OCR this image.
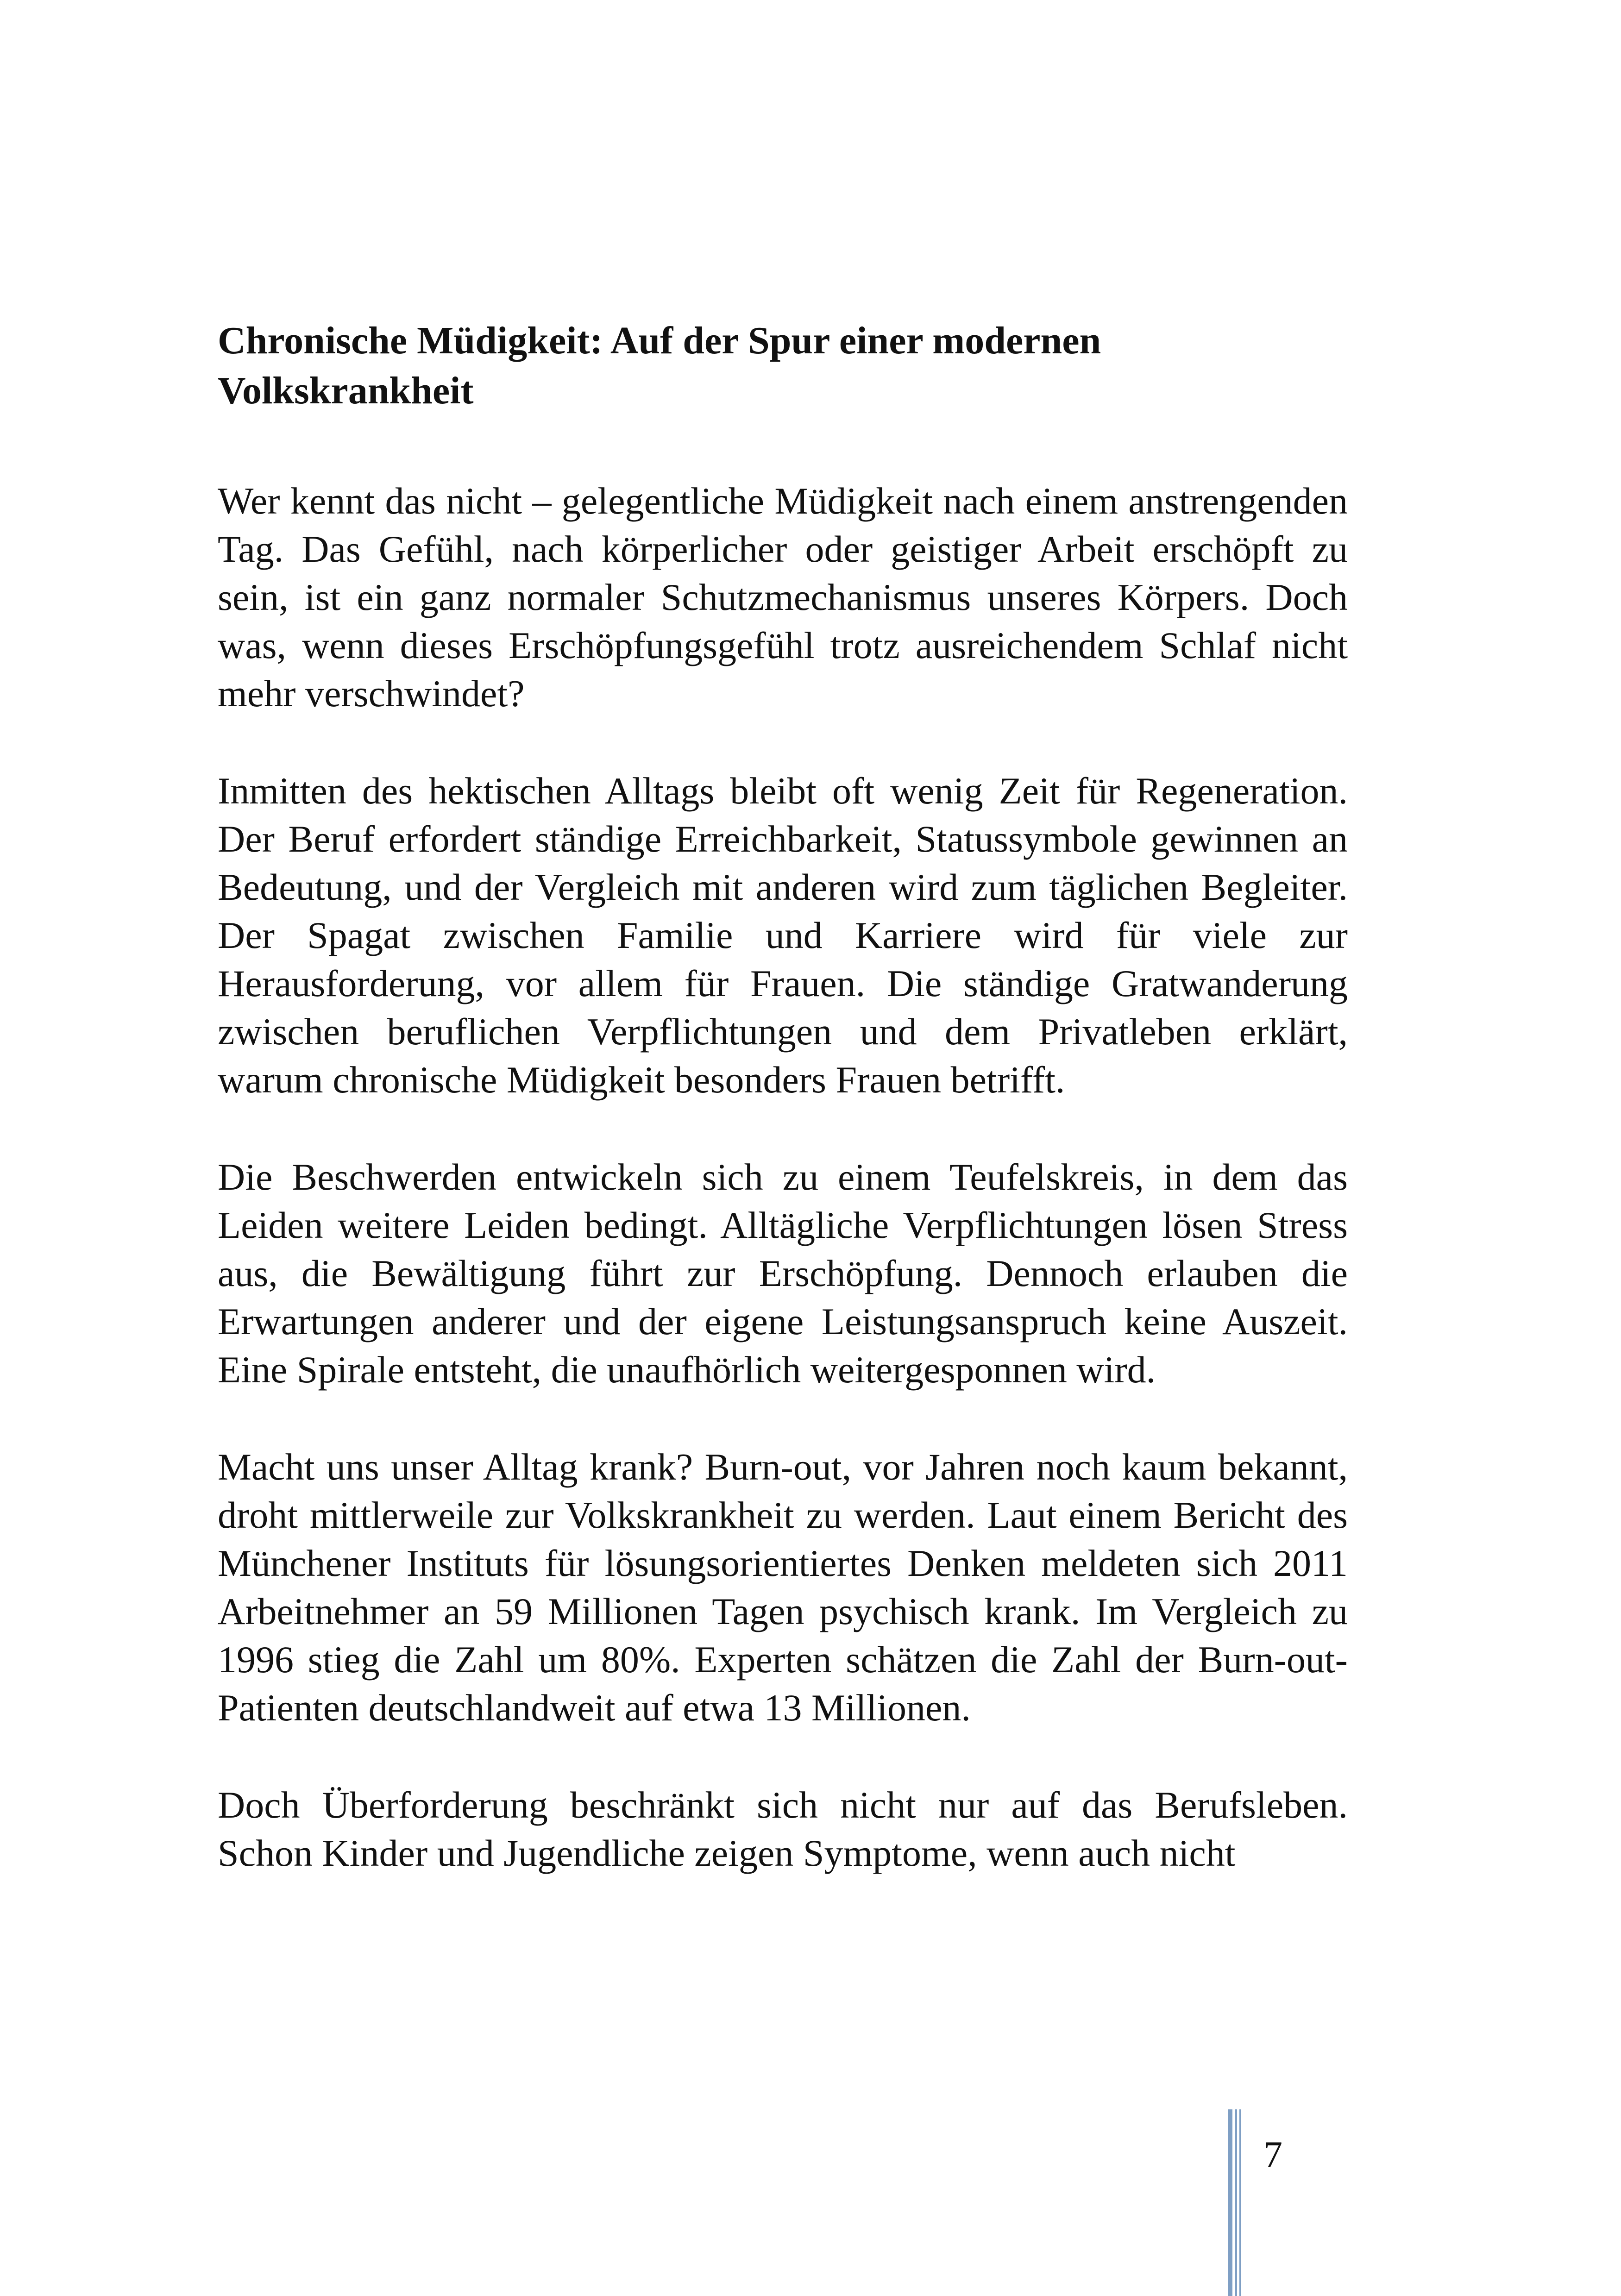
Chronische Müdigkeit: Auf der Spur einer modernen Volkskrankheit

Wer kennt das nicht – gelegentliche Müdigkeit nach einem anstrengenden Tag. Das Gefühl, nach körperlicher oder geistiger Arbeit erschöpft zu sein, ist ein ganz normaler Schutzmechanismus unseres Körpers. Doch was, wenn dieses Erschöpfungsgefühl trotz ausreichendem Schlaf nicht mehr verschwindet?

Inmitten des hektischen Alltags bleibt oft wenig Zeit für Regeneration. Der Beruf erfordert ständige Erreichbarkeit, Statussymbole gewinnen an Bedeutung, und der Vergleich mit anderen wird zum täglichen Begleiter. Der Spagat zwischen Familie und Karriere wird für viele zur Herausforderung, vor allem für Frauen. Die ständige Gratwanderung zwischen beruflichen Verpflichtungen und dem Privatleben erklärt, warum chronische Müdigkeit besonders Frauen betrifft.

Die Beschwerden entwickeln sich zu einem Teufelskreis, in dem das Leiden weitere Leiden bedingt. Alltägliche Verpflichtungen lösen Stress aus, die Bewältigung führt zur Erschöpfung. Dennoch erlauben die Erwartungen anderer und der eigene Leistungsanspruch keine Auszeit. Eine Spirale entsteht, die unaufhörlich weitergesponnen wird.

Macht uns unser Alltag krank? Burn-out, vor Jahren noch kaum bekannt, droht mittlerweile zur Volkskrankheit zu werden. Laut einem Bericht des Münchener Instituts für lösungsorientiertes Denken meldeten sich 2011 Arbeitnehmer an 59 Millionen Tagen psychisch krank. Im Vergleich zu 1996 stieg die Zahl um 80%. Experten schätzen die Zahl der Burn-out-Patienten deutschlandweit auf etwa 13 Millionen.

Doch Überforderung beschränkt sich nicht nur auf das Berufsleben. Schon Kinder und Jugendliche zeigen Symptome, wenn auch nicht

7
